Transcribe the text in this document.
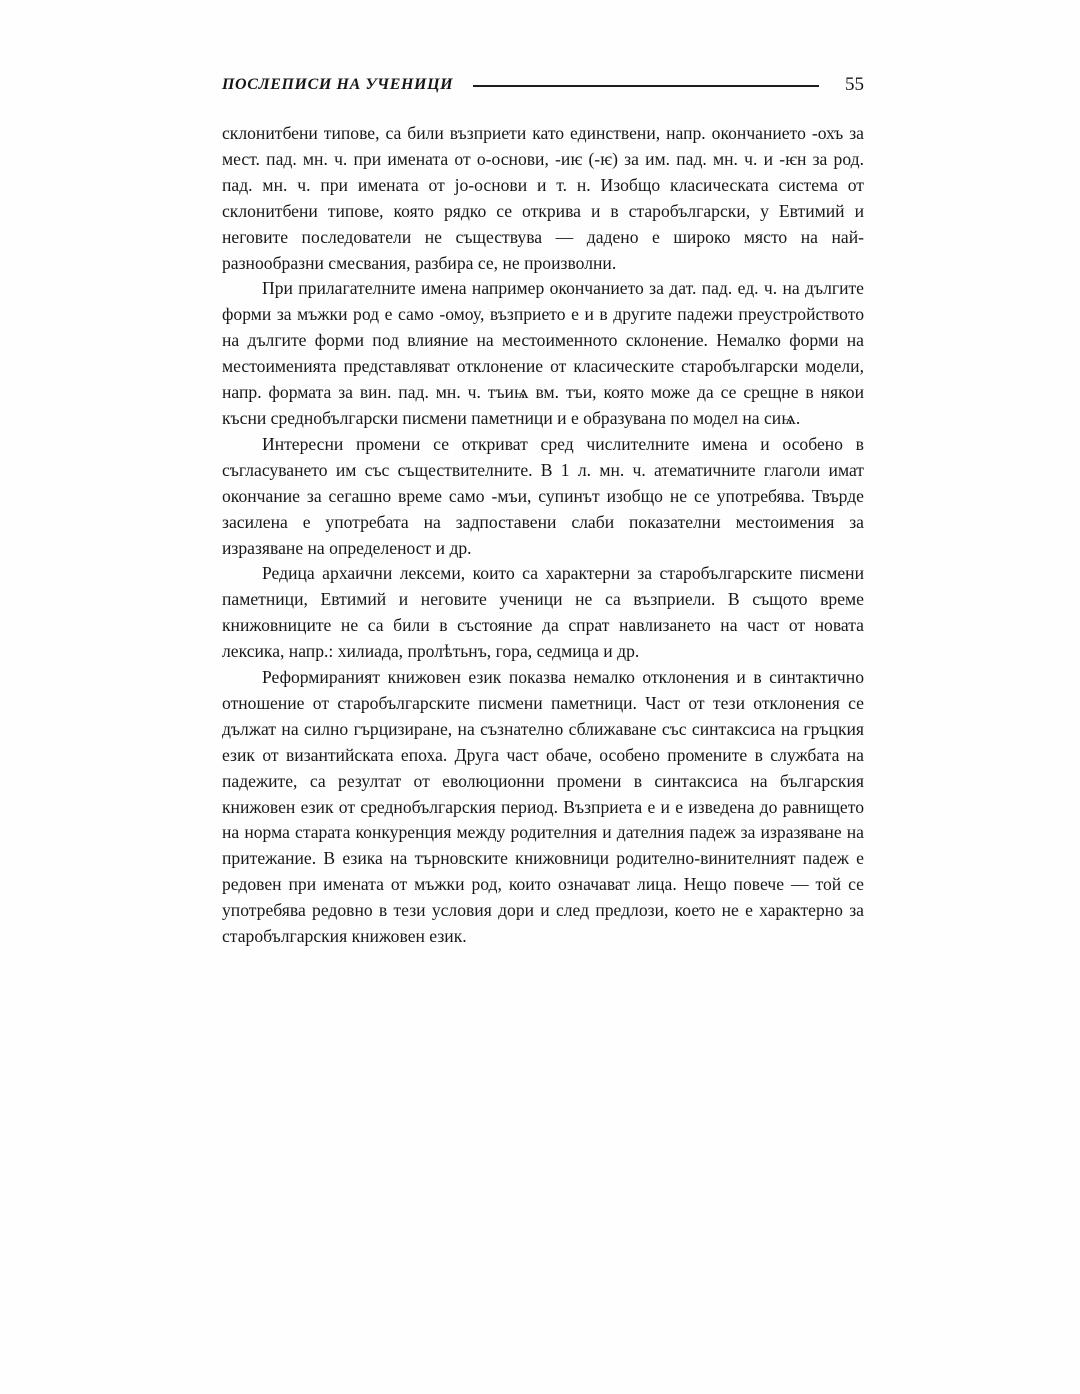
ПОСЛЕПИСИ НА УЧЕНИЦИ	55

склонитбени типове, са били възприети като единствени, напр. окончанието -охъ за мест. пад. мн. ч. при имената от о-основи, -иѥ (-ѥ) за им. пад. мн. ч. и -ѥн за род. пад. мн. ч. при имената от jo-основи и т. н. Изобщо класическата система от склонитбени типове, която рядко се открива и в старобългарски, у Евтимий и неговите последователи не съществува — дадено е широко място на най-разнообразни смесвания, разбира се, не произволни.

При прилагателните имена например окончанието за дат. пад. ед. ч. на дългите форми за мъжки род е само -омоу, възприето е и в другите падежи преустройството на дългите форми под влияние на местоименното склонение. Немалко форми на местоименията представляват отклонение от класическите старобългарски модели, напр. формата за вин. пад. мн. ч. тъиѩ вм. тъи, която може да се срещне в някои късни среднобългарски писмени паметници и е образувана по модел на сиѩ.

Интересни промени се откриват сред числителните имена и особено в съгласуването им със съществителните. В 1 л. мн. ч. атематичните глаголи имат окончание за сегашно време само -мъи, супинът изобщо не се употребява. Твърде засилена е употребата на задпоставени слаби показателни местоимения за изразяване на определеност и др.

Редица архаични лексеми, които са характерни за старобългарските писмени паметници, Евтимий и неговите ученици не са възприели. В същото време книжовниците не са били в състояние да спрат навлизането на част от новата лексика, напр.: хилиада, пролѣтьнъ, гора, седмица и др.

Реформираният книжовен език показва немалко отклонения и в синтактично отношение от старобългарските писмени паметници. Част от тези отклонения се дължат на силно гърцизиране, на съзнателно сближаване със синтаксиса на гръцкия език от византийската епоха. Друга част обаче, особено промените в службата на падежите, са резултат от еволюционни промени в синтаксиса на българския книжовен език от среднобългарския период. Възприета е и е изведена до равнището на норма старата конкуренция между родителния и дателния падеж за изразяване на притежание. В езика на търновските книжовници родително-винителният падеж е редовен при имената от мъжки род, които означават лица. Нещо повече — той се употребява редовно в тези условия дори и след предлози, което не е характерно за старобългарския книжовен език.
